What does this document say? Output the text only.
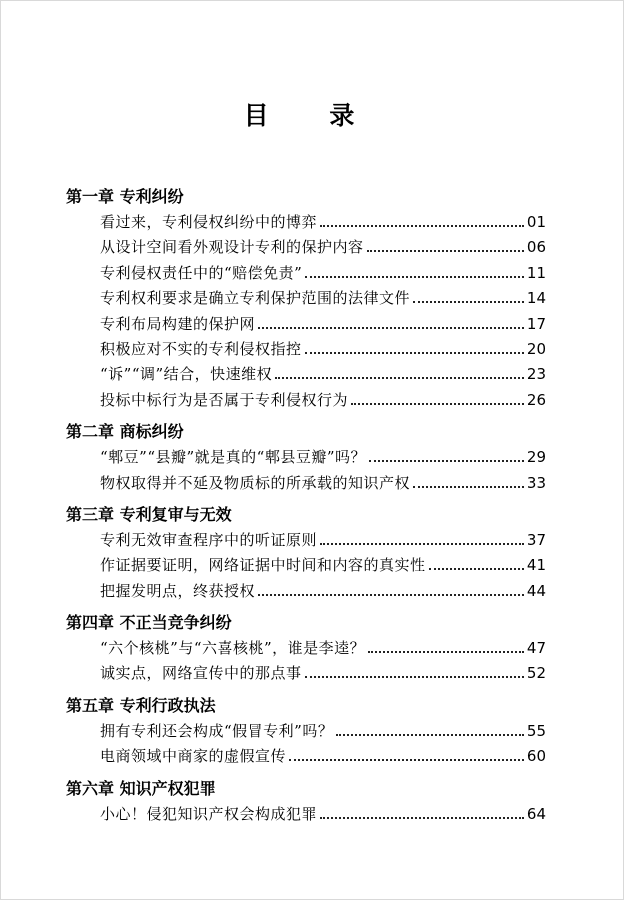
目 录
第一章 专利纠纷
看过来，专利侵权纠纷中的博弈	01
从设计空间看外观设计专利的保护内容	06
专利侵权责任中的“赔偿免责”	11
专利权利要求是确立专利保护范围的法律文件	14
专利布局构建的保护网	17
积极应对不实的专利侵权指控	20
“诉”“调”结合，快速维权	23
投标中标行为是否属于专利侵权行为	26
第二章 商标纠纷
“郫豆”“县瓣”就是真的“郫县豆瓣”吗？	29
物权取得并不延及物质标的所承载的知识产权	33
第三章 专利复审与无效
专利无效审查程序中的听证原则	37
作证据要证明，网络证据中时间和内容的真实性	41
把握发明点，终获授权	44
第四章 不正当竞争纠纷
“六个核桃”与“六喜核桃”，谁是李逵？	47
诚实点，网络宣传中的那点事	52
第五章 专利行政执法
拥有专利还会构成“假冒专利”吗？	55
电商领域中商家的虚假宣传	60
第六章 知识产权犯罪
小心！侵犯知识产权会构成犯罪	64
